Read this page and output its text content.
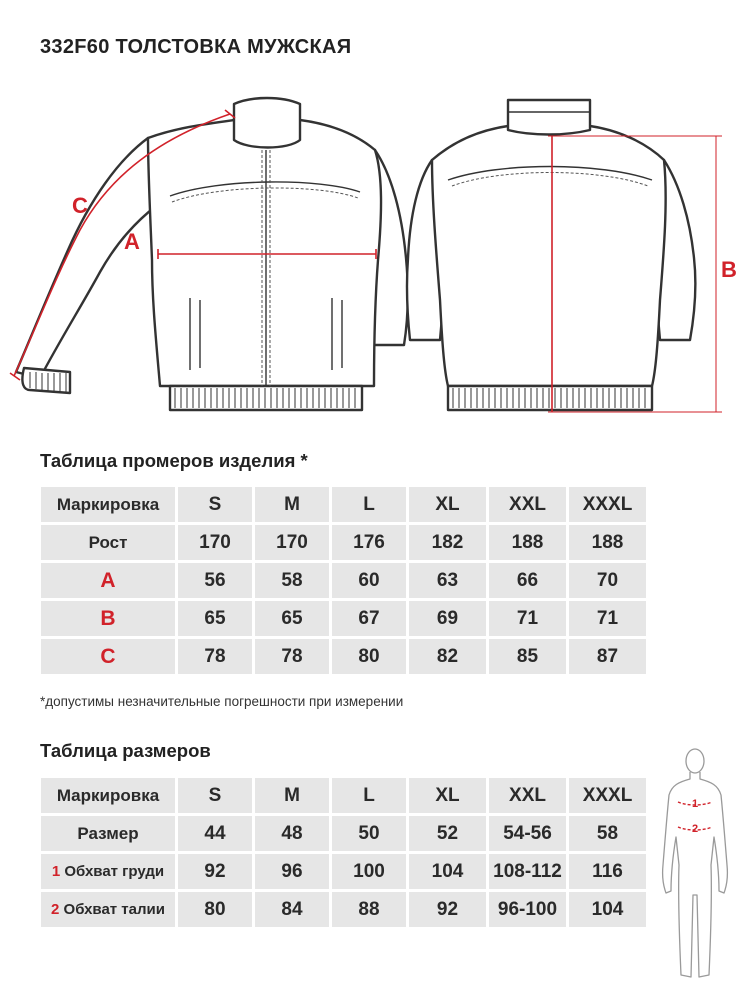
332F60 ТОЛСТОВКА МУЖСКАЯ
A
B
C
Таблица промеров изделия *
Маркировка	S	M	L	XL	XXL	XXXL
Рост	170	170	176	182	188	188
A	56	58	60	63	66	70
B	65	65	67	69	71	71
C	78	78	80	82	85	87
*допустимы незначительные погрешности при измерении
Таблица размеров
Маркировка	S	M	L	XL	XXL	XXXL
Размер	44	48	50	52	54-56	58
1 Обхват груди	92	96	100	104	108-112	116
2 Обхват талии	80	84	88	92	96-100	104
1
2
